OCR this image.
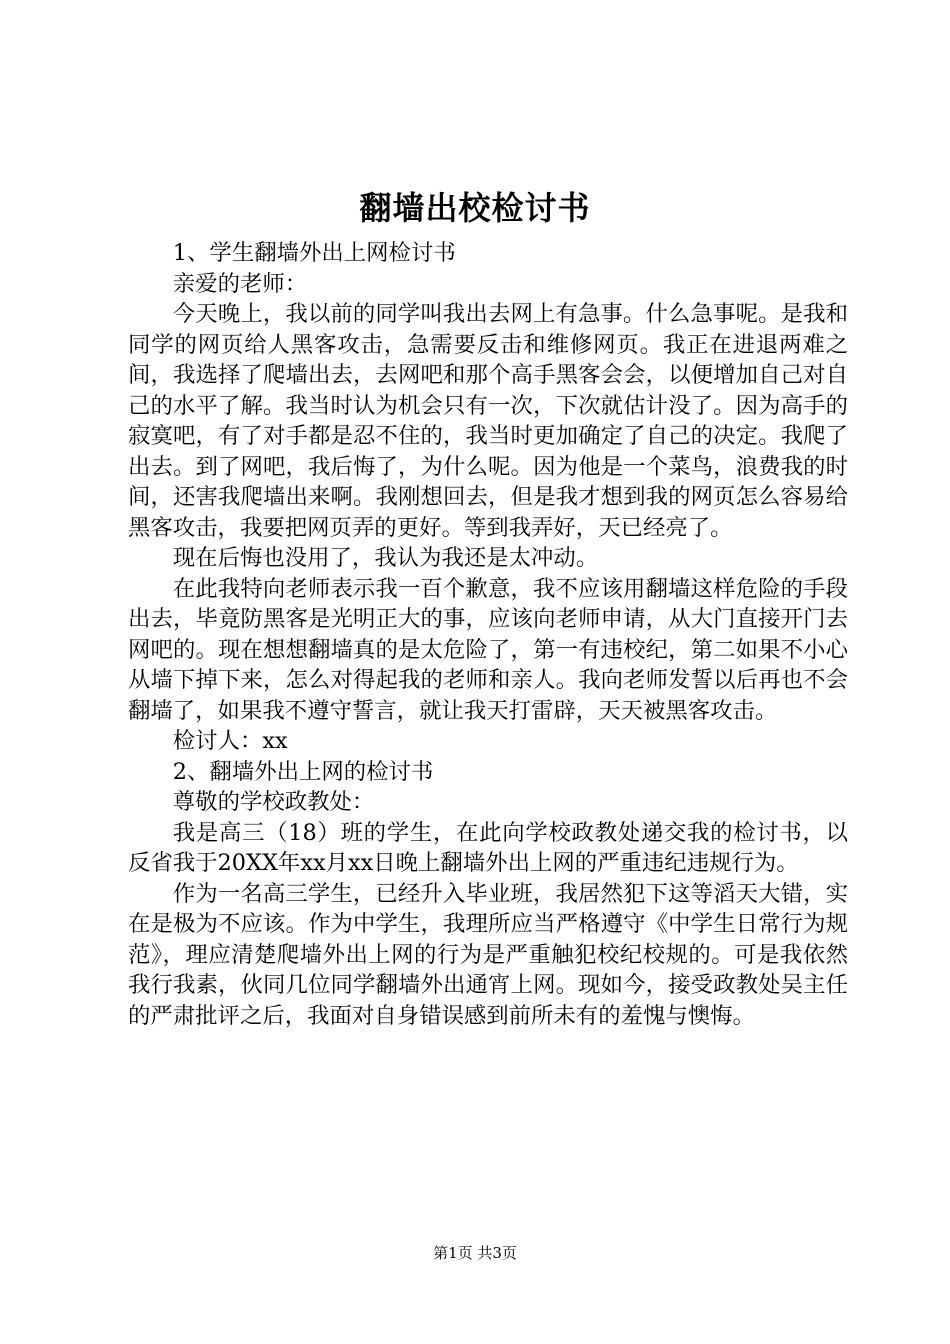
翻墙出校检讨书

1、学生翻墙外出上网检讨书

亲爱的老师：

今天晚上，我以前的同学叫我出去网上有急事。什么急事呢。是我和同学的网页给人黑客攻击，急需要反击和维修网页。我正在进退两难之间，我选择了爬墙出去，去网吧和那个高手黑客会会，以便增加自己对自己的水平了解。我当时认为机会只有一次，下次就估计没了。因为高手的寂寞吧，有了对手都是忍不住的，我当时更加确定了自己的决定。我爬了出去。到了网吧，我后悔了，为什么呢。因为他是一个菜鸟，浪费我的时间，还害我爬墙出来啊。我刚想回去，但是我才想到我的网页怎么容易给黑客攻击，我要把网页弄的更好。等到我弄好，天已经亮了。

现在后悔也没用了，我认为我还是太冲动。

在此我特向老师表示我一百个歉意，我不应该用翻墙这样危险的手段出去，毕竟防黑客是光明正大的事，应该向老师申请，从大门直接开门去网吧的。现在想想翻墙真的是太危险了，第一有违校纪，第二如果不小心从墙下掉下来，怎么对得起我的老师和亲人。我向老师发誓以后再也不会翻墙了，如果我不遵守誓言，就让我天打雷辟，天天被黑客攻击。

检讨人：xx

2、翻墙外出上网的检讨书

尊敬的学校政教处：

我是高三（18）班的学生，在此向学校政教处递交我的检讨书，以反省我于20XX年xx月xx日晚上翻墙外出上网的严重违纪违规行为。

作为一名高三学生，已经升入毕业班，我居然犯下这等滔天大错，实在是极为不应该。作为中学生，我理所应当严格遵守《中学生日常行为规范》，理应清楚爬墙外出上网的行为是严重触犯校纪校规的。可是我依然我行我素，伙同几位同学翻墙外出通宵上网。现如今，接受政教处吴主任的严肃批评之后，我面对自身错误感到前所未有的羞愧与懊悔。

第1页 共3页
